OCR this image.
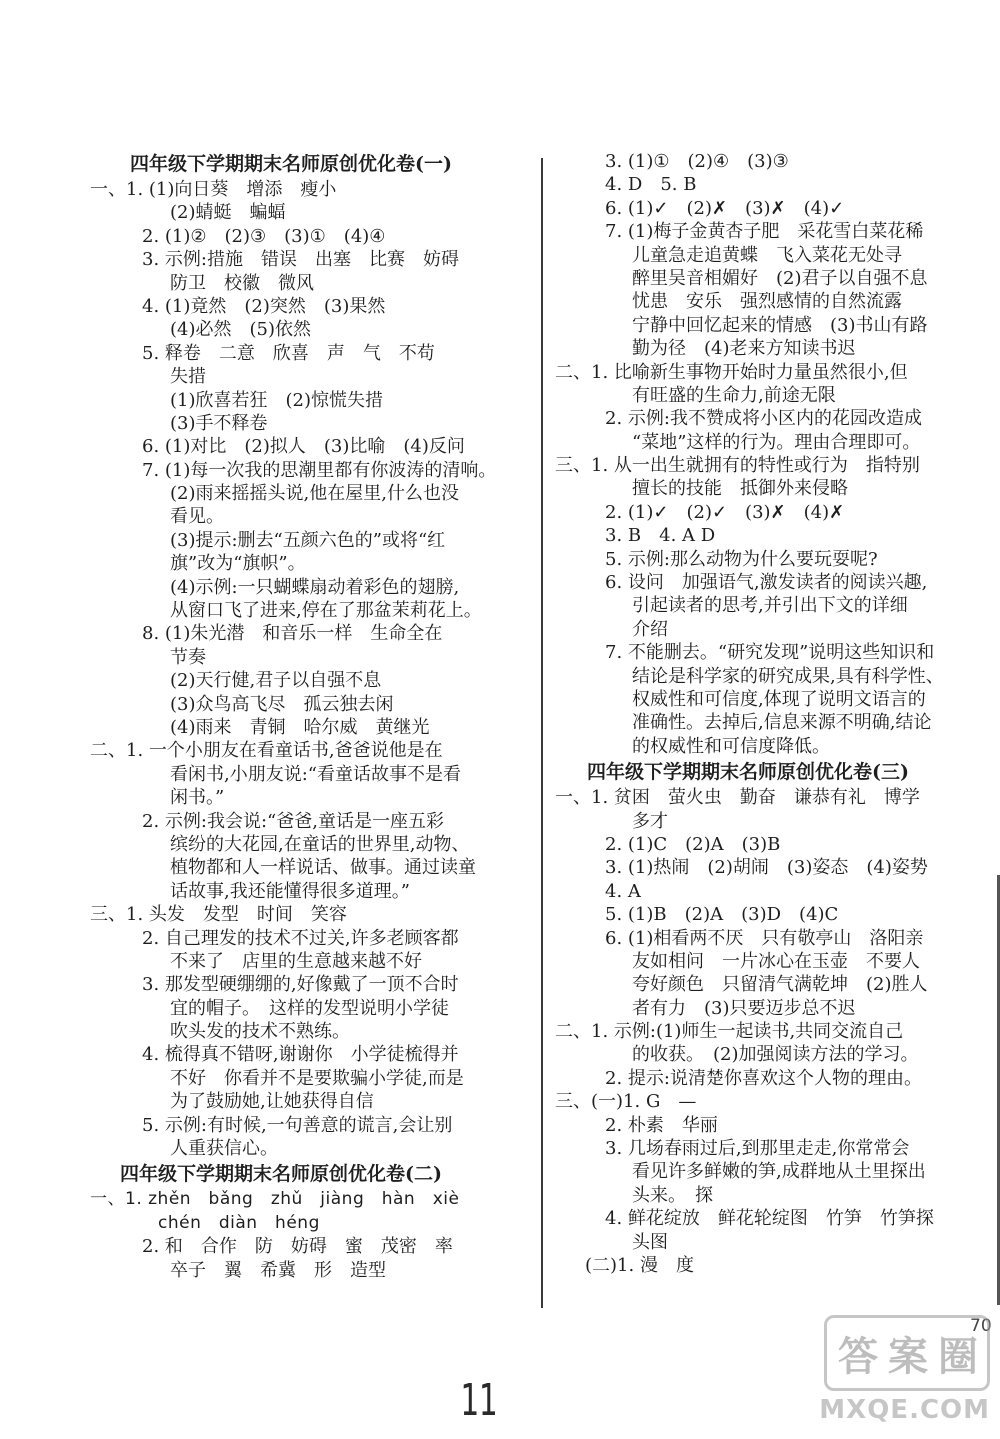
四年级下学期期末名师原创优化卷(一)
一、1. (1)向日葵　增添　瘦小
(2)蜻蜓　蝙蝠
2. (1)②　(2)③　(3)①　(4)④
3. 示例:措施　错误　出塞　比赛　妨碍
防卫　校徽　微风
4. (1)竟然　(2)突然　(3)果然
(4)必然　(5)依然
5. 释卷　二意　欣喜　声　气　不苟
失措
(1)欣喜若狂　(2)惊慌失措
(3)手不释卷
6. (1)对比　(2)拟人　(3)比喻　(4)反问
7. (1)每一次我的思潮里都有你波涛的清响。
(2)雨来摇摇头说,他在屋里,什么也没
看见。
(3)提示:删去“五颜六色的”或将“红
旗”改为“旗帜”。
(4)示例:一只蝴蝶扇动着彩色的翅膀,
从窗口飞了进来,停在了那盆茉莉花上。
8. (1)朱光潜　和音乐一样　生命全在
节奏
(2)天行健,君子以自强不息
(3)众鸟高飞尽　孤云独去闲
(4)雨来　青铜　哈尔威　黄继光
二、1. 一个小朋友在看童话书,爸爸说他是在
看闲书,小朋友说:“看童话故事不是看
闲书。”
2. 示例:我会说:“爸爸,童话是一座五彩
缤纷的大花园,在童话的世界里,动物、
植物都和人一样说话、做事。通过读童
话故事,我还能懂得很多道理。”
三、1. 头发　发型　时间　笑容
2. 自己理发的技术不过关,许多老顾客都
不来了　店里的生意越来越不好
3. 那发型硬绷绷的,好像戴了一顶不合时
宜的帽子。　这样的发型说明小学徒
吹头发的技术不熟练。
4. 梳得真不错呀,谢谢你　小学徒梳得并
不好　你看并不是要欺骗小学徒,而是
为了鼓励她,让她获得自信
5. 示例:有时候,一句善意的谎言,会让别
人重获信心。
四年级下学期期末名师原创优化卷(二)
一、1. zhěn　bǎng　zhǔ　jiàng　hàn　xiè
chén　diàn　héng
2. 和　合作　防　妨碍　蜜　茂密　率
卒子　翼　希冀　形　造型
3. (1)①　(2)④　(3)③
4. D　5. B
6. (1)✓　(2)✗　(3)✗　(4)✓
7. (1)梅子金黄杏子肥　采花雪白菜花稀
儿童急走追黄蝶　飞入菜花无处寻
醉里吴音相媚好　(2)君子以自强不息
忧患　安乐　强烈感情的自然流露
宁静中回忆起来的情感　(3)书山有路
勤为径　(4)老来方知读书迟
二、1. 比喻新生事物开始时力量虽然很小,但
有旺盛的生命力,前途无限
2. 示例:我不赞成将小区内的花园改造成
“菜地”这样的行为。理由合理即可。
三、1. 从一出生就拥有的特性或行为　指特别
擅长的技能　抵御外来侵略
2. (1)✓　(2)✓　(3)✗　(4)✗
3. B　4. A D
5. 示例:那么动物为什么要玩耍呢?
6. 设问　加强语气,激发读者的阅读兴趣,
引起读者的思考,并引出下文的详细
介绍
7. 不能删去。“研究发现”说明这些知识和
结论是科学家的研究成果,具有科学性、
权威性和可信度,体现了说明文语言的
准确性。去掉后,信息来源不明确,结论
的权威性和可信度降低。
四年级下学期期末名师原创优化卷(三)
一、1. 贫困　萤火虫　勤奋　谦恭有礼　博学
多才
2. (1)C　(2)A　(3)B
3. (1)热闹　(2)胡闹　(3)姿态　(4)姿势
4. A
5. (1)B　(2)A　(3)D　(4)C
6. (1)相看两不厌　只有敬亭山　洛阳亲
友如相问　一片冰心在玉壶　不要人
夸好颜色　只留清气满乾坤　(2)胜人
者有力　(3)只要迈步总不迟
二、1. 示例:(1)师生一起读书,共同交流自己
的收获。　(2)加强阅读方法的学习。
2. 提示:说清楚你喜欢这个人物的理由。
三、(一)1. G　—
2. 朴素　华丽
3. 几场春雨过后,到那里走走,你常常会
看见许多鲜嫩的笋,成群地从土里探出
头来。　探
4. 鲜花绽放　鲜花轮绽图　竹笋　竹笋探
头图
(二)1. 漫　度
70
11
答 案 圈
MXQE.COM
